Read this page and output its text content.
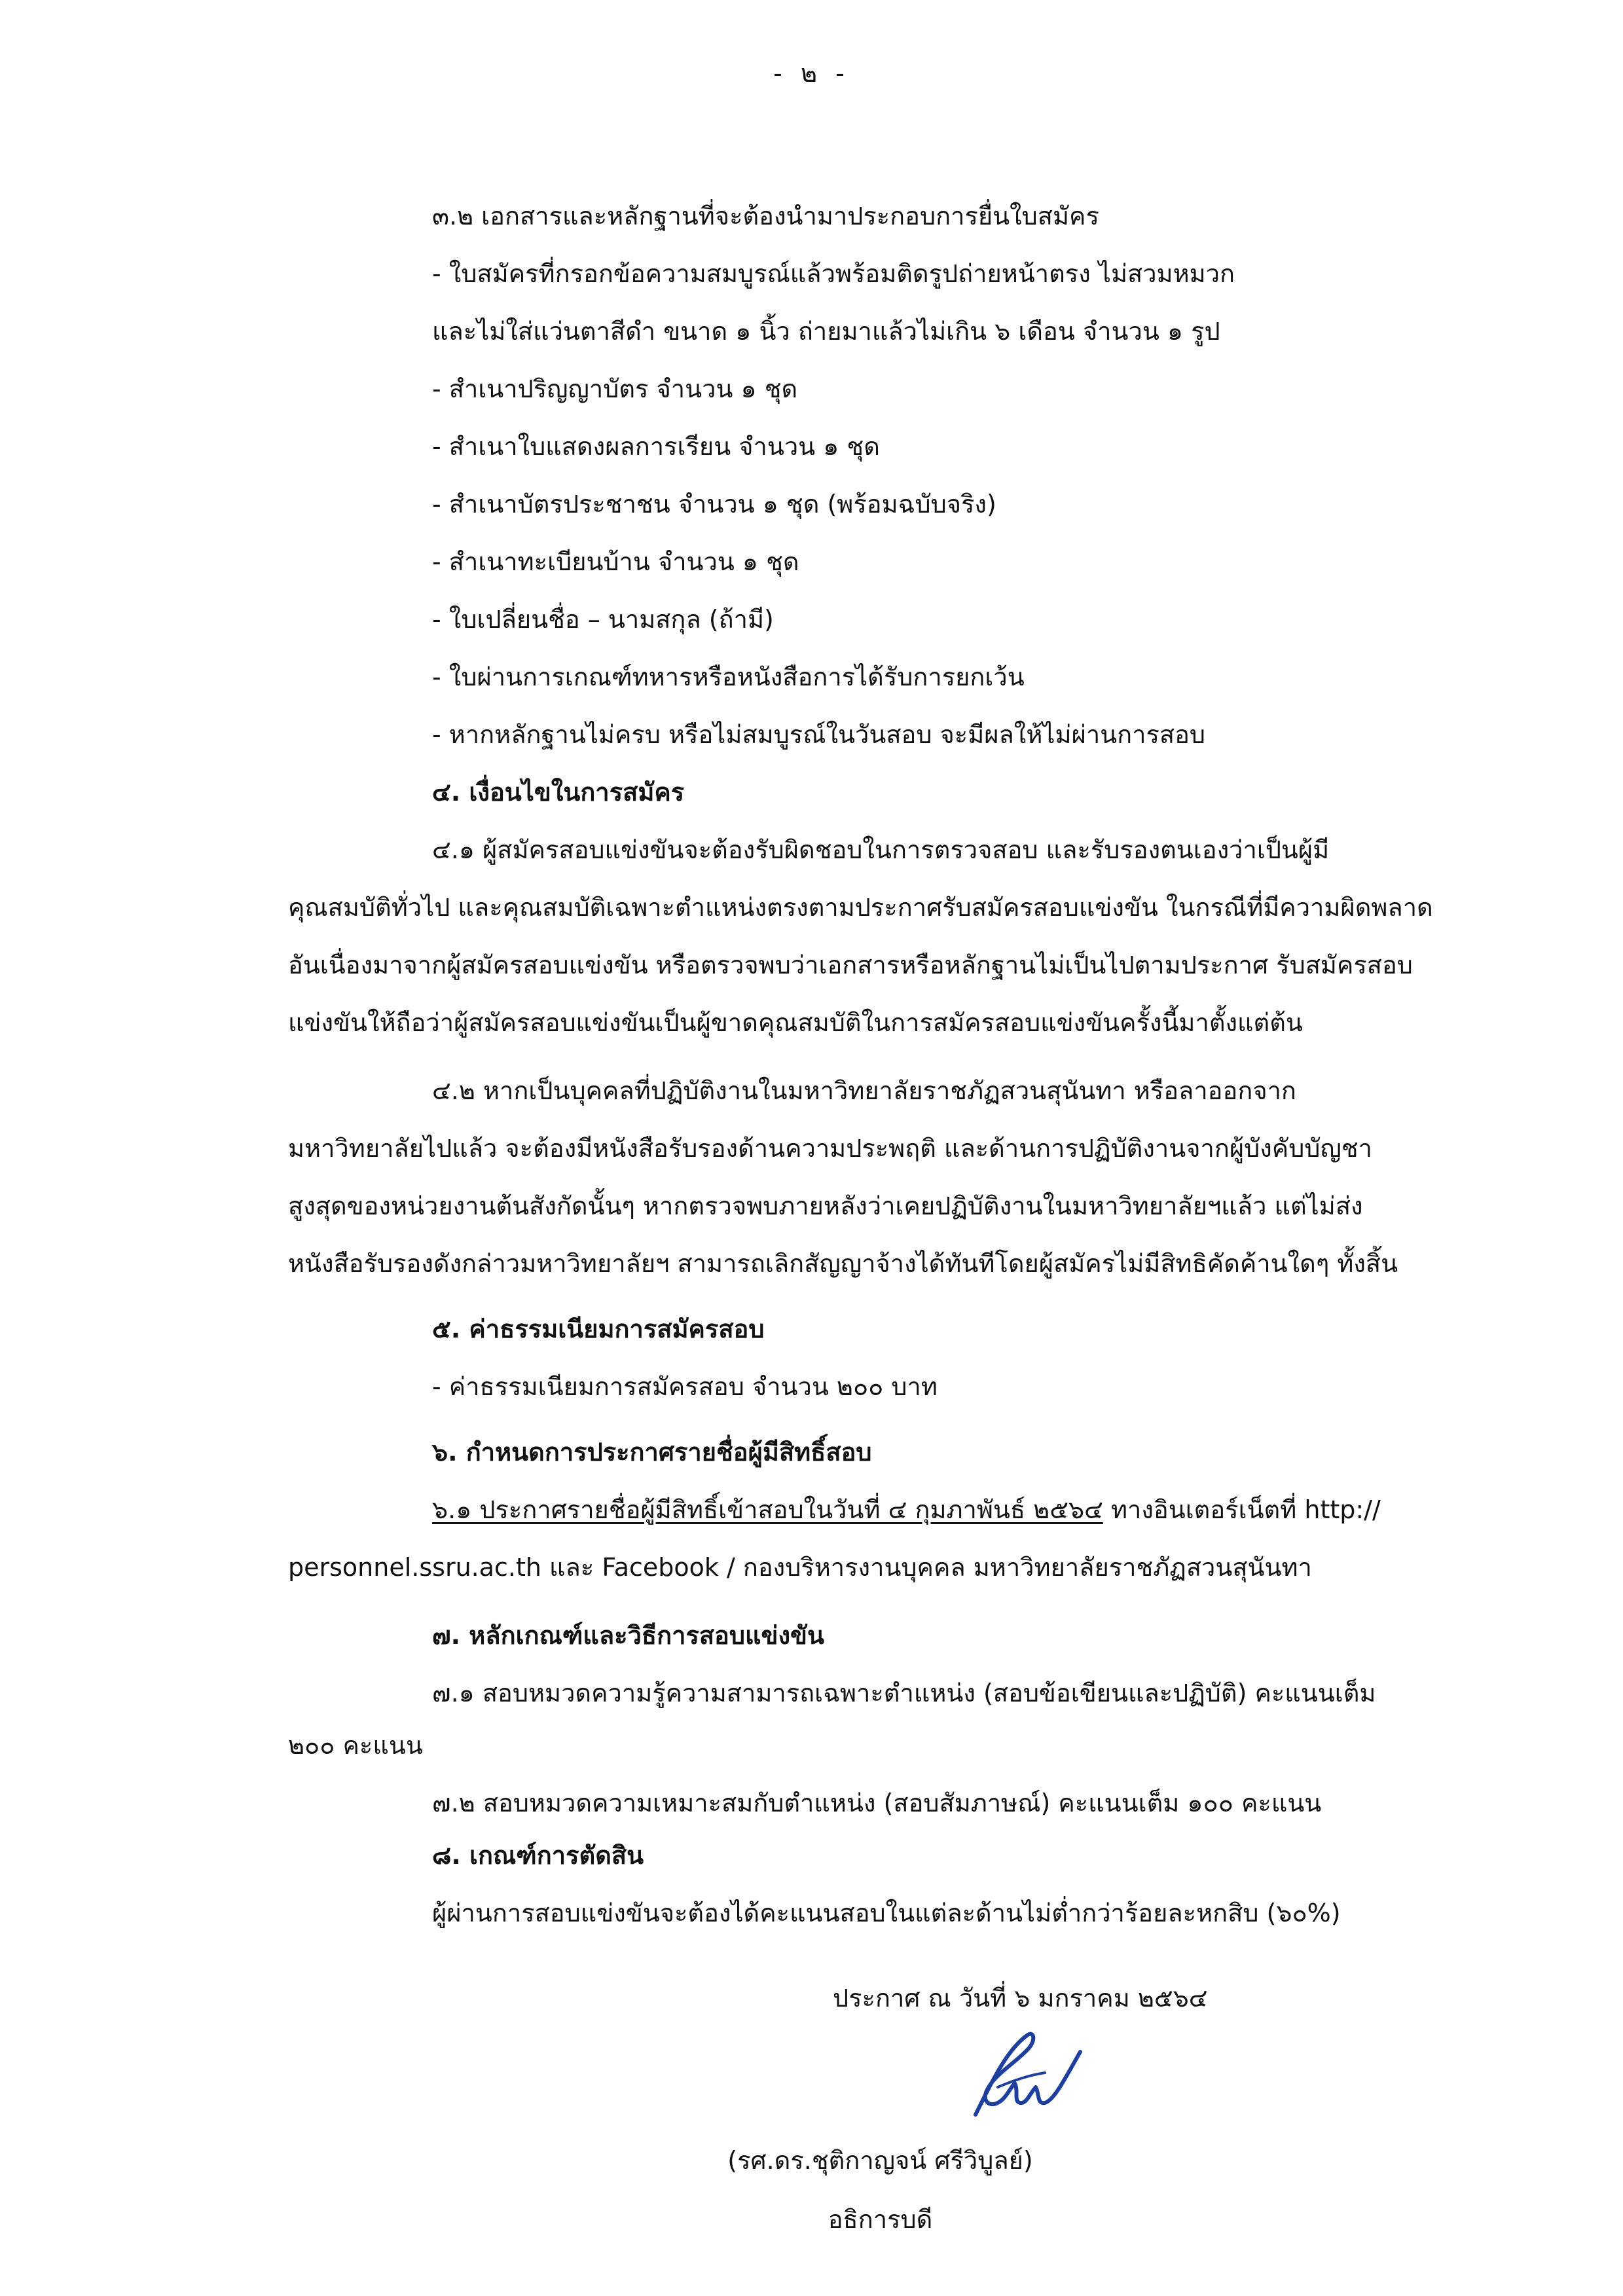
- ๒ -
๓.๒ เอกสารและหลักฐานที่จะต้องนำมาประกอบการยื่นใบสมัคร
- ใบสมัครที่กรอกข้อความสมบูรณ์แล้วพร้อมติดรูปถ่ายหน้าตรง ไม่สวมหมวก
และไม่ใส่แว่นตาสีดำ ขนาด ๑ นิ้ว ถ่ายมาแล้วไม่เกิน ๖ เดือน จำนวน ๑ รูป
- สำเนาปริญญาบัตร จำนวน ๑ ชุด
- สำเนาใบแสดงผลการเรียน จำนวน ๑ ชุด
- สำเนาบัตรประชาชน จำนวน ๑ ชุด (พร้อมฉบับจริง)
- สำเนาทะเบียนบ้าน จำนวน ๑ ชุด
- ใบเปลี่ยนชื่อ – นามสกุล (ถ้ามี)
- ใบผ่านการเกณฑ์ทหารหรือหนังสือการได้รับการยกเว้น
- หากหลักฐานไม่ครบ หรือไม่สมบูรณ์ในวันสอบ จะมีผลให้ไม่ผ่านการสอบ
๔. เงื่อนไขในการสมัคร
๔.๑ ผู้สมัครสอบแข่งขันจะต้องรับผิดชอบในการตรวจสอบ และรับรองตนเองว่าเป็นผู้มี
คุณสมบัติทั่วไป และคุณสมบัติเฉพาะตำแหน่งตรงตามประกาศรับสมัครสอบแข่งขัน ในกรณีที่มีความผิดพลาด
อันเนื่องมาจากผู้สมัครสอบแข่งขัน หรือตรวจพบว่าเอกสารหรือหลักฐานไม่เป็นไปตามประกาศ รับสมัครสอบ
แข่งขันให้ถือว่าผู้สมัครสอบแข่งขันเป็นผู้ขาดคุณสมบัติในการสมัครสอบแข่งขันครั้งนี้มาตั้งแต่ต้น
๔.๒ หากเป็นบุคคลที่ปฏิบัติงานในมหาวิทยาลัยราชภัฏสวนสุนันทา หรือลาออกจาก
มหาวิทยาลัยไปแล้ว จะต้องมีหนังสือรับรองด้านความประพฤติ และด้านการปฏิบัติงานจากผู้บังคับบัญชา
สูงสุดของหน่วยงานต้นสังกัดนั้นๆ หากตรวจพบภายหลังว่าเคยปฏิบัติงานในมหาวิทยาลัยฯแล้ว แต่ไม่ส่ง
หนังสือรับรองดังกล่าวมหาวิทยาลัยฯ สามารถเลิกสัญญาจ้างได้ทันทีโดยผู้สมัครไม่มีสิทธิคัดค้านใดๆ ทั้งสิ้น
๕. ค่าธรรมเนียมการสมัครสอบ
- ค่าธรรมเนียมการสมัครสอบ จำนวน ๒๐๐ บาท
๖. กำหนดการประกาศรายชื่อผู้มีสิทธิ์สอบ
๖.๑ ประกาศรายชื่อผู้มีสิทธิ์เข้าสอบในวันที่ ๔ กุมภาพันธ์ ๒๕๖๔ ทางอินเตอร์เน็ตที่ http://
personnel.ssru.ac.th และ Facebook / กองบริหารงานบุคคล มหาวิทยาลัยราชภัฏสวนสุนันทา
๗. หลักเกณฑ์และวิธีการสอบแข่งขัน
๗.๑ สอบหมวดความรู้ความสามารถเฉพาะตำแหน่ง (สอบข้อเขียนและปฏิบัติ) คะแนนเต็ม
๒๐๐ คะแนน
๗.๒ สอบหมวดความเหมาะสมกับตำแหน่ง (สอบสัมภาษณ์) คะแนนเต็ม ๑๐๐ คะแนน
๘. เกณฑ์การตัดสิน
ผู้ผ่านการสอบแข่งขันจะต้องได้คะแนนสอบในแต่ละด้านไม่ต่ำกว่าร้อยละหกสิบ (๖๐%)
ประกาศ ณ วันที่ ๖ มกราคม ๒๕๖๔
(รศ.ดร.ชุติกาญจน์ ศรีวิบูลย์)
อธิการบดี
